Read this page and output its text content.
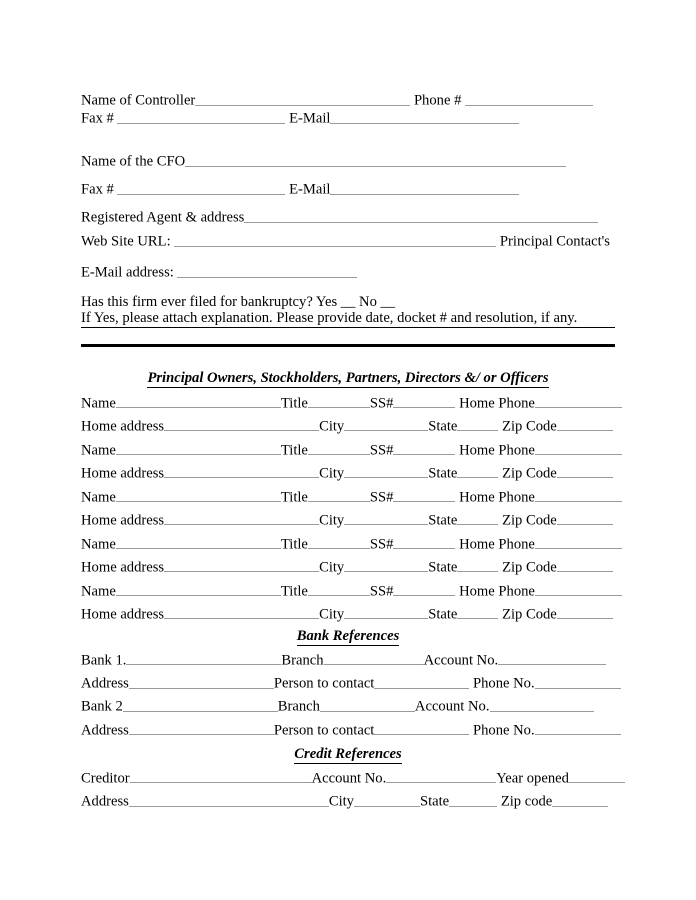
Name of Controller	Phone #
Fax #	E-Mail
Name of the CFO
Fax #	E-Mail
Registered Agent & address
Web Site URL:	Principal Contact's
E-Mail address:
Has this firm ever filed for bankruptcy? Yes __ No __
If Yes, please attach explanation. Please provide date, docket # and resolution, if any.
Principal Owners, Stockholders, Partners, Directors &/ or Officers
Name	Title	SS#	Home Phone
Home address	City	State	Zip Code
Name	Title	SS#	Home Phone
Home address	City	State	Zip Code
Name	Title	SS#	Home Phone
Home address	City	State	Zip Code
Name	Title	SS#	Home Phone
Home address	City	State	Zip Code
Name	Title	SS#	Home Phone
Home address	City	State	Zip Code
Bank References
Bank 1.	Branch	Account No.
Address	Person to contact	Phone No.
Bank 2	Branch	Account No.
Address	Person to contact	Phone No.
Credit References
Creditor	Account No.	Year opened
Address	City	State	Zip code
